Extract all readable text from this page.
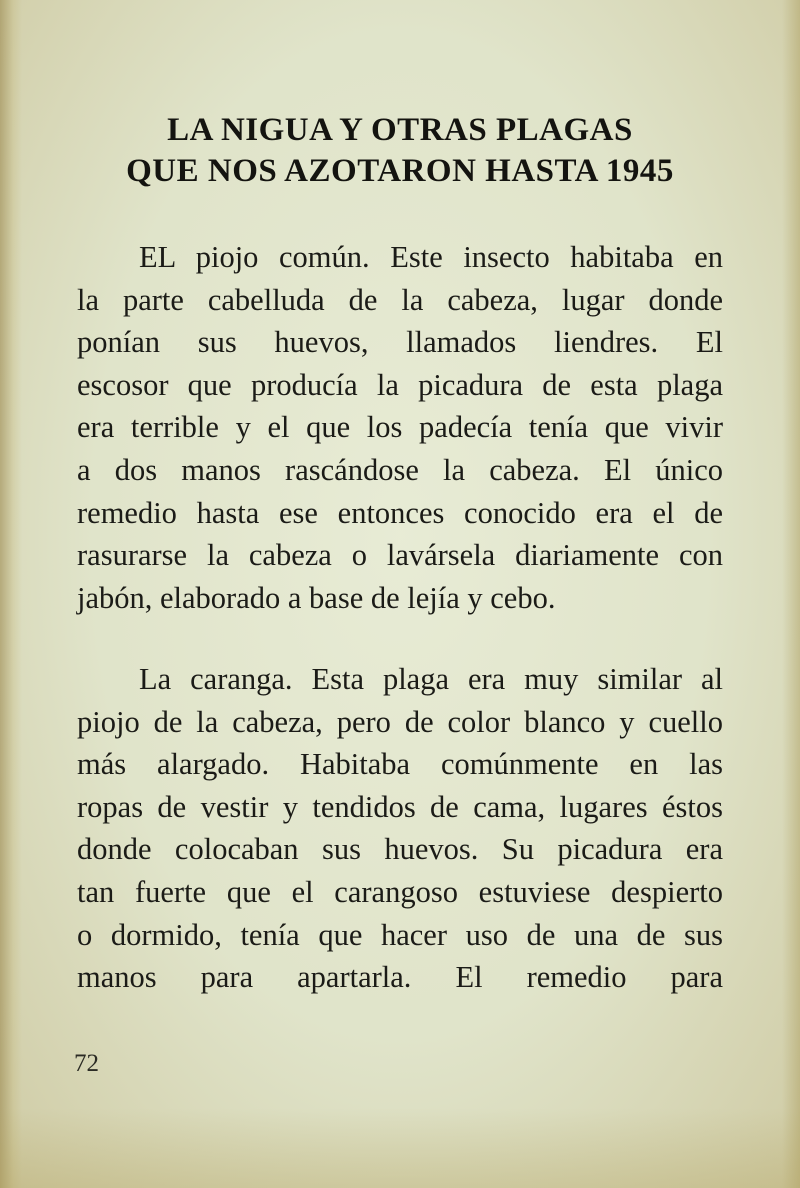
LA NIGUA Y OTRAS PLAGAS
QUE NOS AZOTARON HASTA 1945
EL piojo común. Este insecto habitaba en
la parte cabelluda de la cabeza, lugar donde
ponían sus huevos, llamados liendres. El
escosor que producía la picadura de esta plaga
era terrible y el que los padecía tenía que vivir
a dos manos rascándose la cabeza. El único
remedio hasta ese entonces conocido era el de
rasurarse la cabeza o lavársela diariamente con
jabón, elaborado a base de lejía y cebo.
La caranga. Esta plaga era muy similar al
piojo de la cabeza, pero de color blanco y cuello
más alargado. Habitaba comúnmente en las
ropas de vestir y tendidos de cama, lugares éstos
donde colocaban sus huevos. Su picadura era
tan fuerte que el carangoso estuviese despierto
o dormido, tenía que hacer uso de una de sus
manos para apartarla. El remedio para
72
